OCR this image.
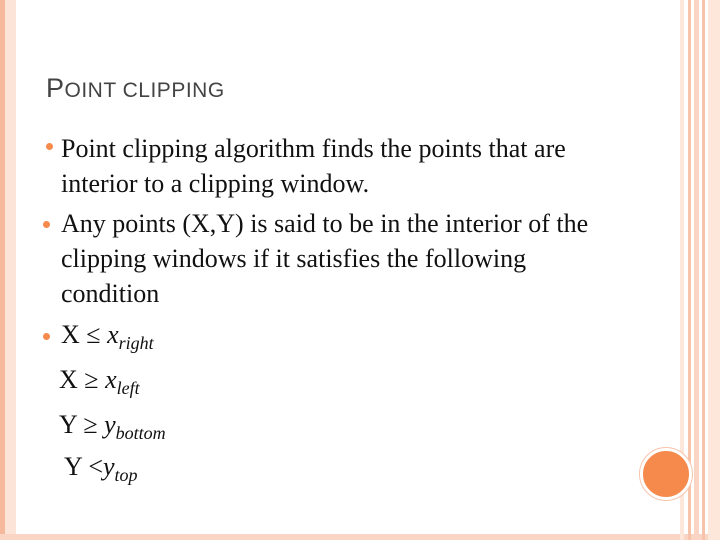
POINT CLIPPING
Point clipping algorithm finds the points that are
interior to a clipping window.
Any points (X,Y) is said to be in the interior of the
clipping windows if it satisfies the following
condition
$X \le x_{right}$
$X \ge x_{left}$
$Y \ge y_{bottom}$
$Y <y_{top}$
